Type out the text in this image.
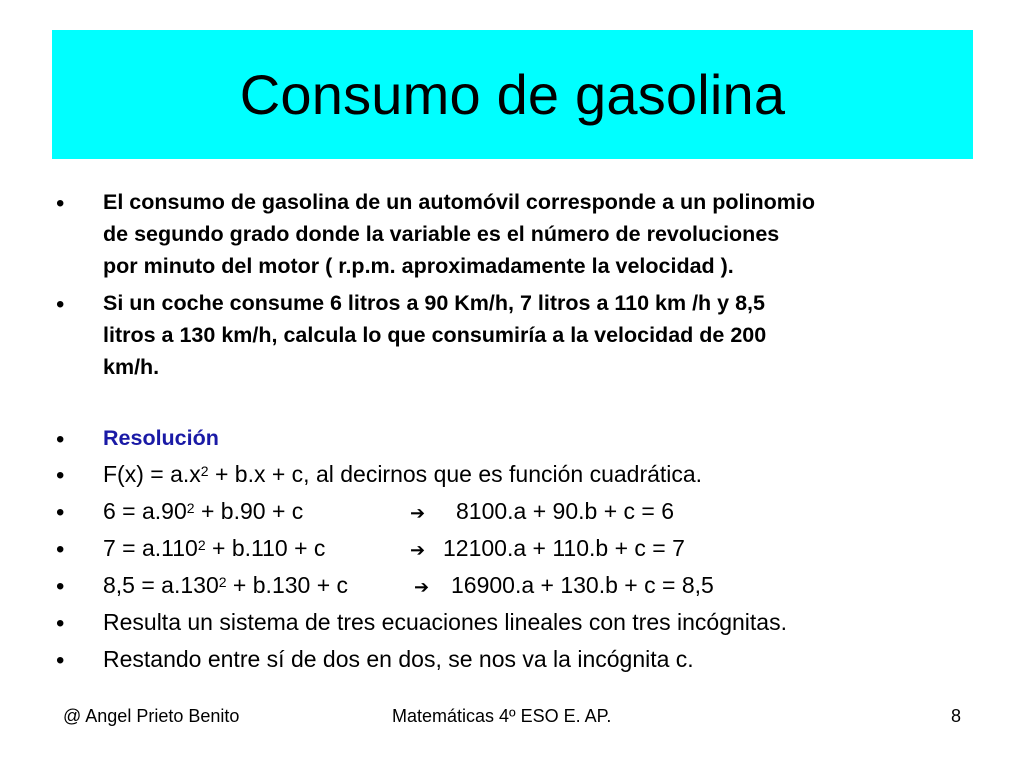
Consumo de gasolina
•	El consumo de gasolina de un automóvil corresponde a un polinomio
de segundo grado donde la variable es el número de revoluciones
por minuto del motor ( r.p.m. aproximadamente la velocidad ).
•	Si un coche consume 6 litros a 90 Km/h, 7 litros a 110 km /h y 8,5
litros a 130 km/h, calcula lo que consumiría a la velocidad de 200
km/h.
•	Resolución
•	$F(x) = a.x^2 + b.x + c$, al decirnos que es función cuadrática.
•	$6 = a.90^2 + b.90 + c$	➔ 8100.a + 90.b + c = 6
•	$7 = a.110^2 + b.110 + c$	➔ 12100.a + 110.b + c = 7
•	$8,5 = a.130^2 + b.130 + c$	➔ 16900.a + 130.b + c = 8,5
•	Resulta un sistema de tres ecuaciones lineales con tres incógnitas.
•	Restando entre sí de dos en dos, se nos va la incógnita c.
@ Angel Prieto Benito	Matemáticas 4º ESO E. AP.	8
